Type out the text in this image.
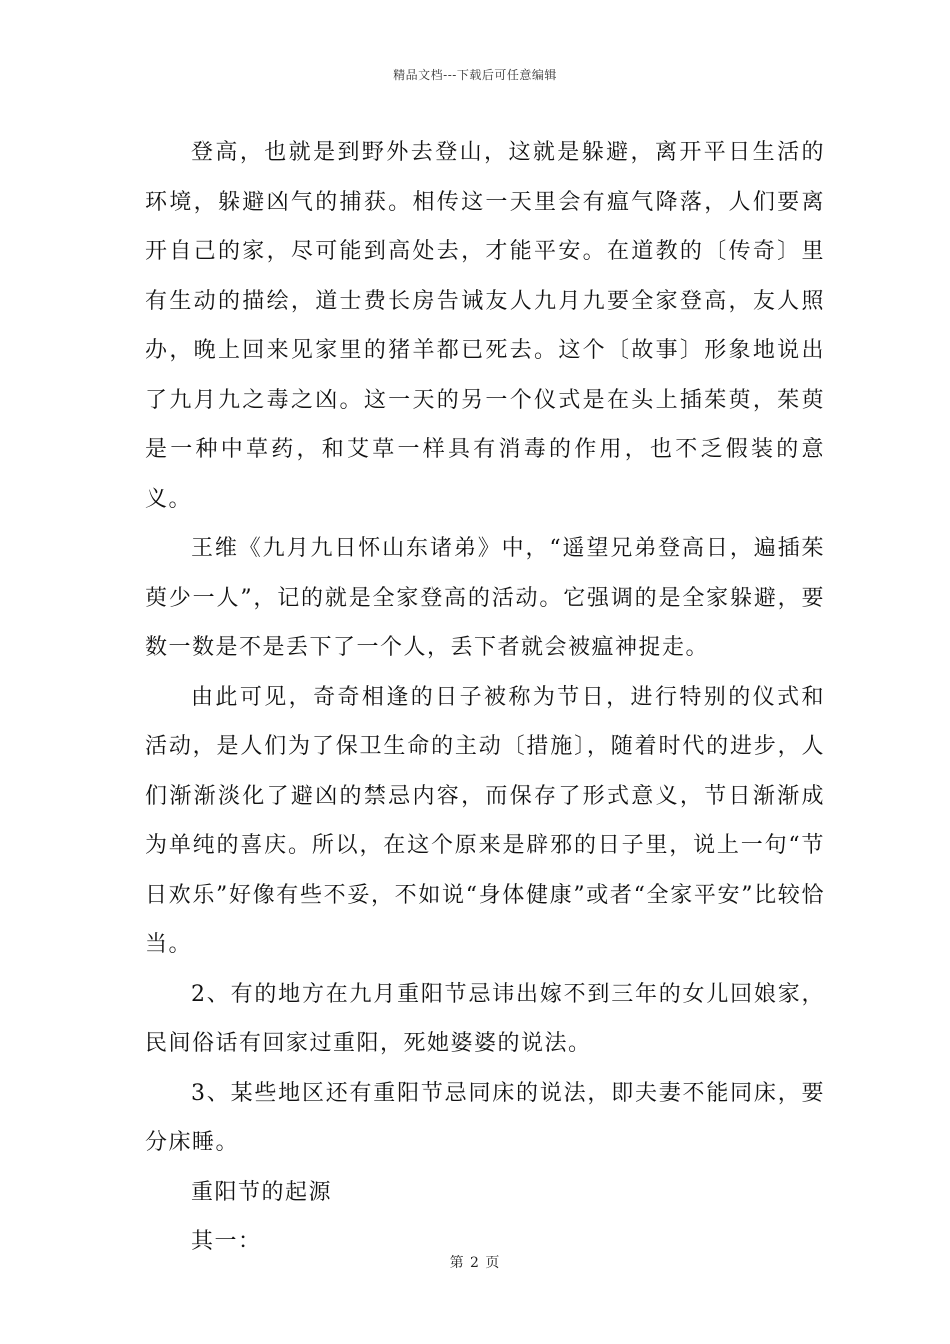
精品文档---下载后可任意编辑

登高，也就是到野外去登山，这就是躲避，离开平日生活的环境，躲避凶气的捕获。相传这一天里会有瘟气降落，人们要离开自己的家，尽可能到高处去，才能平安。在道教的〔传奇〕里有生动的描绘，道士费长房告诫友人九月九要全家登高，友人照办，晚上回来见家里的猪羊都已死去。这个〔故事〕形象地说出了九月九之毒之凶。这一天的另一个仪式是在头上插茱萸，茱萸是一种中草药，和艾草一样具有消毒的作用，也不乏假装的意义。

王维《九月九日怀山东诸弟》中，“遥望兄弟登高日，遍插茱萸少一人”，记的就是全家登高的活动。它强调的是全家躲避，要数一数是不是丢下了一个人，丢下者就会被瘟神捉走。

由此可见，奇奇相逢的日子被称为节日，进行特别的仪式和活动，是人们为了保卫生命的主动〔措施〕，随着时代的进步，人们渐渐淡化了避凶的禁忌内容，而保存了形式意义，节日渐渐成为单纯的喜庆。所以，在这个原来是辟邪的日子里，说上一句“节日欢乐”好像有些不妥，不如说“身体健康”或者“全家平安”比较恰当。

2、有的地方在九月重阳节忌讳出嫁不到三年的女儿回娘家，民间俗话有回家过重阳，死她婆婆的说法。

3、某些地区还有重阳节忌同床的说法，即夫妻不能同床，要分床睡。

重阳节的起源

其一：

第 2 页
